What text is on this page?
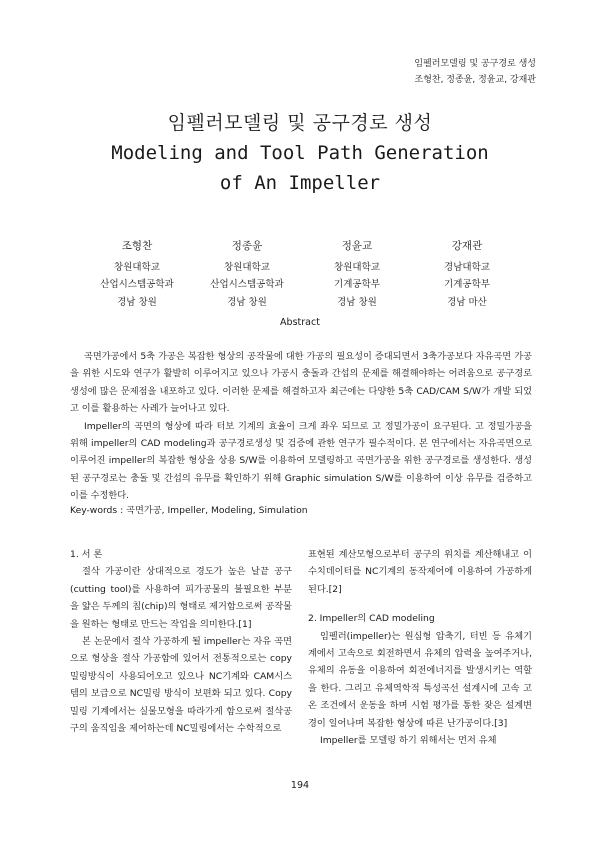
임펠러모델링 및 공구경로 생성
조형찬, 정종윤, 정윤교, 강재관
임펠러모델링 및 공구경로 생성
Modeling and Tool Path Generation
of An Impeller
조형찬
창원대학교
산업시스템공학과
경남 창원
정종윤
창원대학교
산업시스템공학과
경남 창원
정윤교
창원대학교
기계공학부
경남 창원
강재관
경남대학교
기계공학부
경남 마산
Abstract

곡면가공에서 5축 가공은 복잡한 형상의 공작물에 대한 가공의 필요성이 증대되면서 3축가공보다 자유곡면 가공을 위한 시도와 연구가 활발히 이루어지고 있으나 가공시 충돌과 간섭의 문제를 해결해야하는 어려움으로 공구경로 생성에 많은 문제점을 내포하고 있다. 이러한 문제를 해결하고자 최근에는 다양한 5축 CAD/CAM S/W가 개발 되었고 이를 활용하는 사례가 늘어나고 있다.

Impeller의 곡면의 형상에 따라 터보 기계의 효율이 크게 좌우 되므로 고 정밀가공이 요구된다. 고 정밀가공을 위해 impeller의 CAD modeling과 공구경로생성 및 검증에 관한 연구가 필수적이다. 본 연구에서는 자유곡면으로 이루어진 impeller의 복잡한 형상을 상용 S/W를 이용하여 모델링하고 곡면가공을 위한 공구경로를 생성한다. 생성된 공구경로는 충돌 및 간섭의 유무를 확인하기 위해 Graphic simulation S/W를 이용하여 이상 유무를 검증하고 이를 수정한다.

Key-words : 곡면가공, Impeller, Modeling, Simulation
1. 서 론

절삭 가공이란 상대적으로 경도가 높은 날끝 공구(cutting tool)를 사용하여 피가공물의 불필요한 부분을 얇은 두께의 칩(chip)의 형태로 제거함으로써 공작물을 원하는 형태로 만드는 작업을 의미한다.[1]

본 논문에서 절삭 가공하게 될 impeller는 자유 곡면으로 형상을 절삭 가공함에 있어서 전통적으로는 copy밀링방식이 사용되어오고 있으나 NC기계와 CAM시스템의 보급으로 NC밀링 방식이 보편화 되고 있다. Copy밀링 기계에서는 실물모형을 따라가게 함으로써 절삭공구의 움직임을 제어하는데 NC밀링에서는 수학적으로

표현된 계산모형으로부터 공구의 위치를 계산해내고 이 수치데이터를 NC기계의 동작제어에 이용하여 가공하게 된다.[2]

2. Impeller의 CAD modeling

임펠러(impeller)는 원심형 압축기, 터빈 등 유체기계에서 고속으로 회전하면서 유체의 압력을 높여주거나, 유체의 유동을 이용하여 회전에너지를 발생시키는 역할을 한다. 그리고 유체역학적 특성곡선 설계시에 고속 고온 조건에서 운동을 하며 시험 평가를 통한 잦은 설계변경이 일어나며 복잡한 형상에 따른 난가공이다.[3]

Impeller를 모델링 하기 위해서는 먼저 유체

194
